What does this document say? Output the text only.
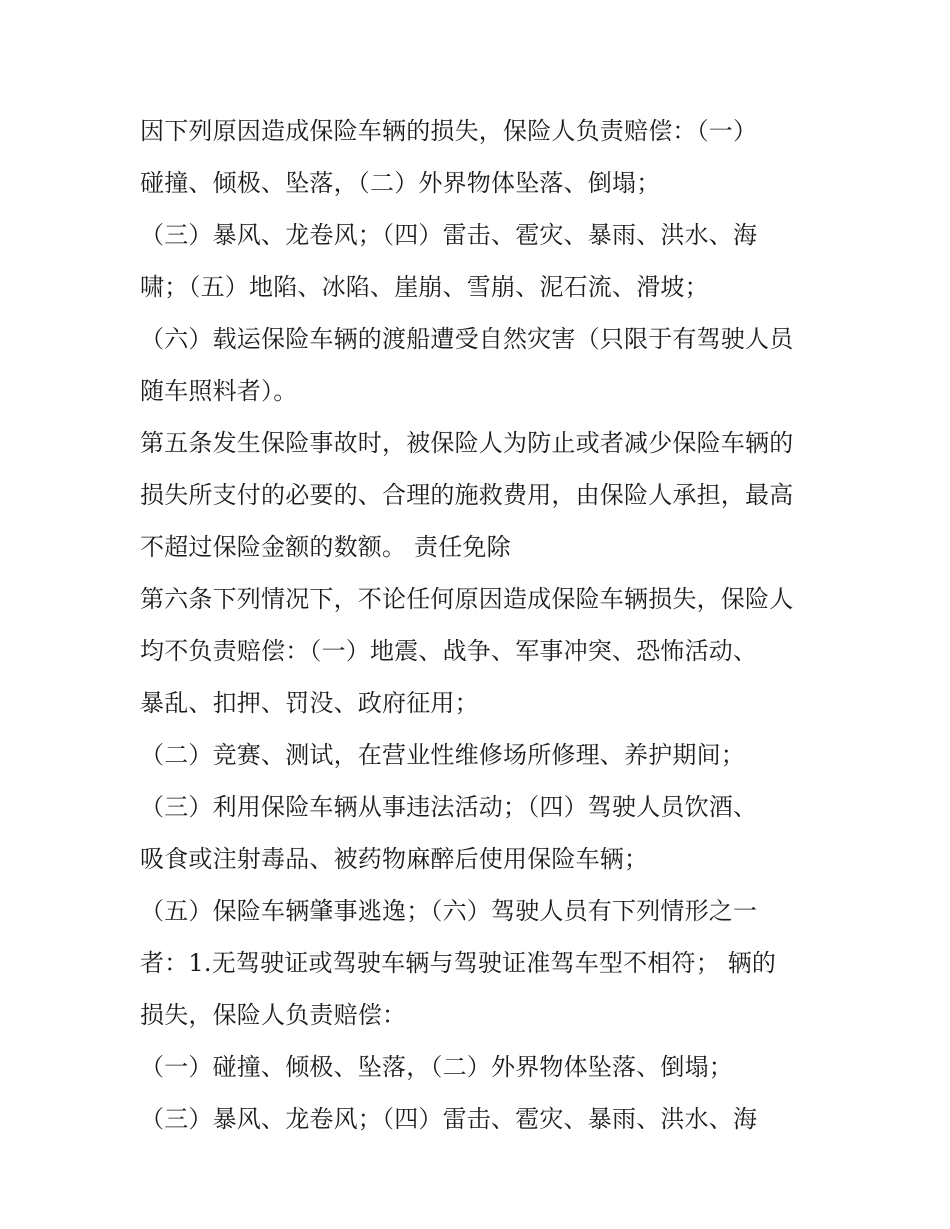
因下列原因造成保险车辆的损失，保险人负责赔偿：（一）
碰撞、倾极、坠落，（二）外界物体坠落、倒塌；
（三）暴风、龙卷风；（四）雷击、雹灾、暴雨、洪水、海
啸；（五）地陷、冰陷、崖崩、雪崩、泥石流、滑坡；
（六）载运保险车辆的渡船遭受自然灾害（只限于有驾驶人员
随车照料者）。
第五条发生保险事故时，被保险人为防止或者减少保险车辆的
损失所支付的必要的、合理的施救费用，由保险人承担，最高
不超过保险金额的数额。 责任免除
第六条下列情况下，不论任何原因造成保险车辆损失，保险人
均不负责赔偿：（一）地震、战争、军事冲突、恐怖活动、
暴乱、扣押、罚没、政府征用；
（二）竞赛、测试，在营业性维修场所修理、养护期间；
（三）利用保险车辆从事违法活动；（四）驾驶人员饮酒、
吸食或注射毒品、被药物麻醉后使用保险车辆；
（五）保险车辆肇事逃逸；（六）驾驶人员有下列情形之一
者：1.无驾驶证或驾驶车辆与驾驶证准驾车型不相符； 辆的
损失，保险人负责赔偿：
（一）碰撞、倾极、坠落，（二）外界物体坠落、倒塌；
（三）暴风、龙卷风；（四）雷击、雹灾、暴雨、洪水、海
